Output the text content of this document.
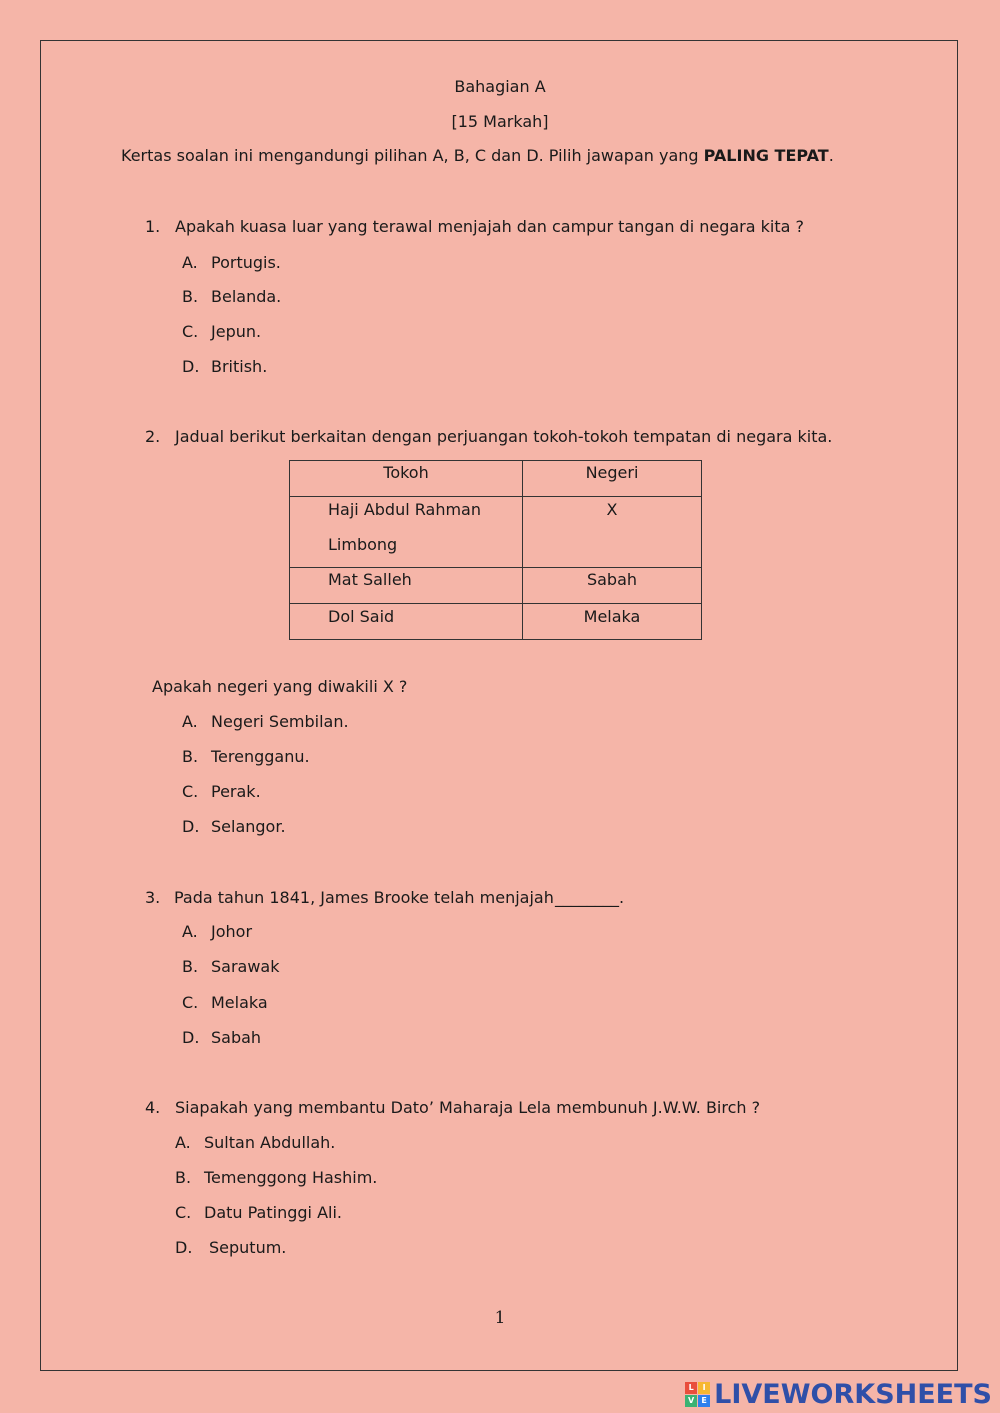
Bahagian A
[15 Markah]
Kertas soalan ini mengandungi pilihan A, B, C dan D. Pilih jawapan yang PALING TEPAT.
1. Apakah kuasa luar yang terawal menjajah dan campur tangan di negara kita ?
A. Portugis.
B. Belanda.
C. Jepun.
D. British.
2. Jadual berikut berkaitan dengan perjuangan tokoh-tokoh tempatan di negara kita.
Tokoh	Negeri

Haji Abdul Rahman
Limbong	X

Mat Salleh	Sabah

Dol Said	Melaka
Apakah negeri yang diwakili X ?
A. Negeri Sembilan.
B. Terengganu.
C. Perak.
D. Selangor.
3. Pada tahun 1841, James Brooke telah menjajah ________.
A. Johor
B. Sarawak
C. Melaka
D. Sabah
4. Siapakah yang membantu Dato’ Maharaja Lela membunuh J.W.W. Birch ?
A. Sultan Abdullah.
B. Temenggong Hashim.
C. Datu Patinggi Ali.
D. Seputum.
1
L	I
V E LIVEWORKSHEETS
